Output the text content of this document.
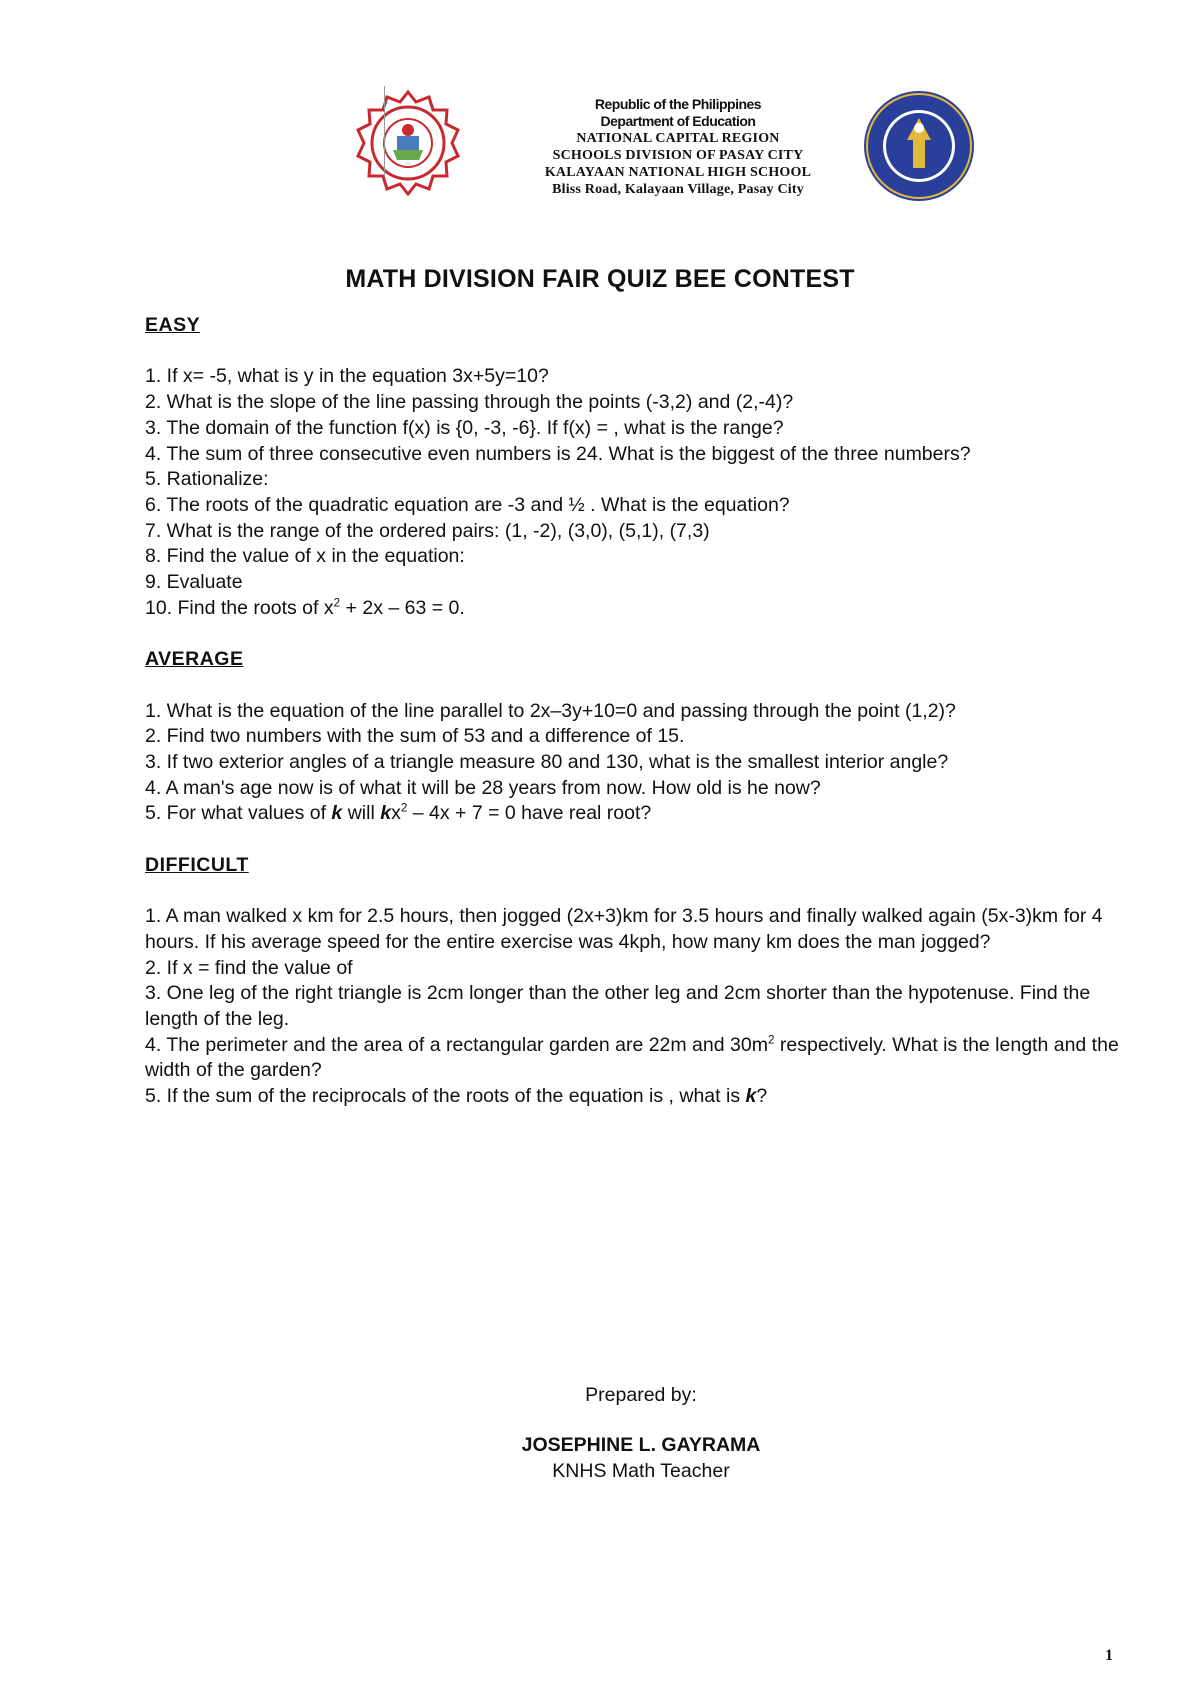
Republic of the Philippines
Department of Education
NATIONAL CAPITAL REGION
SCHOOLS DIVISION OF PASAY CITY
KALAYAAN NATIONAL HIGH SCHOOL
Bliss Road, Kalayaan Village, Pasay City
MATH DIVISION FAIR QUIZ BEE CONTEST
EASY
1. If x= -5, what is y in the equation 3x+5y=10?
2. What is the slope of the line passing through the points (-3,2) and (2,-4)?
3. The domain of the function f(x) is {0, -3, -6}. If f(x) = , what is the range?
4. The sum of three consecutive even numbers is 24. What is the biggest of the three numbers?
5. Rationalize:
6. The roots of the quadratic equation are -3 and ½ . What is the equation?
7. What is the range of the ordered pairs: (1, -2), (3,0), (5,1), (7,3)
8. Find the value of x in the equation:
9. Evaluate
10. Find the roots of $x^2 + 2x - 63 = 0$.
AVERAGE
1. What is the equation of the line parallel to 2x–3y+10=0 and passing through the point (1,2)?
2. Find two numbers with the sum of 53 and a difference of 15.
3. If two exterior angles of a triangle measure 80 and 130, what is the smallest interior angle?
4. A man's age now is of what it will be 28 years from now. How old is he now?
5. For what values of k will $kx^2 - 4x + 7 = 0$ have real root?
DIFFICULT
1. A man walked x km for 2.5 hours, then jogged (2x+3)km for 3.5 hours and finally walked again (5x-3)km for 4 hours. If his average speed for the entire exercise was 4kph, how many km does the man jogged?
2. If x = find the value of
3. One leg of the right triangle is 2cm longer than the other leg and 2cm shorter than the hypotenuse. Find the length of the leg.
4. The perimeter and the area of a rectangular garden are 22m and $30m^2$ respectively. What is the length and the width of the garden?
5. If the sum of the reciprocals of the roots of the equation is , what is k?
Prepared by:
JOSEPHINE L. GAYRAMA
KNHS Math Teacher
1
